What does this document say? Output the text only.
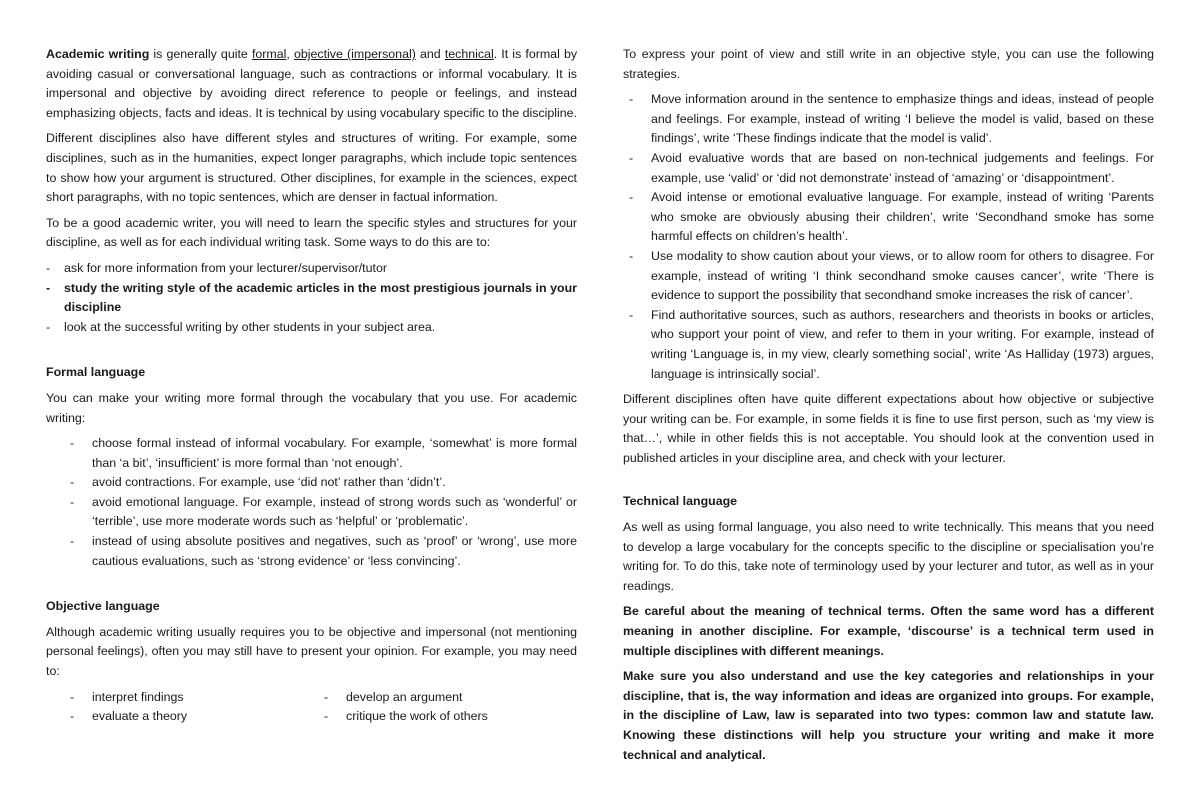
Academic writing is generally quite formal, objective (impersonal) and technical. It is formal by avoiding casual or conversational language, such as contractions or informal vocabulary. It is impersonal and objective by avoiding direct reference to people or feelings, and instead emphasizing objects, facts and ideas. It is technical by using vocabulary specific to the discipline.

Different disciplines also have different styles and structures of writing. For example, some disciplines, such as in the humanities, expect longer paragraphs, which include topic sentences to show how your argument is structured. Other disciplines, for example in the sciences, expect short paragraphs, with no topic sentences, which are denser in factual information.

To be a good academic writer, you will need to learn the specific styles and structures for your discipline, as well as for each individual writing task. Some ways to do this are to:

- ask for more information from your lecturer/supervisor/tutor
- study the writing style of the academic articles in the most prestigious journals in your discipline
- look at the successful writing by other students in your subject area.
Formal language

You can make your writing more formal through the vocabulary that you use. For academic writing:

- choose formal instead of informal vocabulary. For example, ‘somewhat’ is more formal than ‘a bit’, ‘insufficient’ is more formal than ‘not enough’.
- avoid contractions. For example, use ‘did not’ rather than ‘didn’t’.
- avoid emotional language. For example, instead of strong words such as ‘wonderful’ or ‘terrible’, use more moderate words such as ‘helpful’ or ‘problematic’.
- instead of using absolute positives and negatives, such as ‘proof’ or ‘wrong’, use more cautious evaluations, such as ‘strong evidence’ or ‘less convincing’.
Objective language

Although academic writing usually requires you to be objective and impersonal (not mentioning personal feelings), often you may still have to present your opinion. For example, you may need to:

- interpret findings	- develop an argument
- evaluate a theory	- critique the work of others

To express your point of view and still write in an objective style, you can use the following strategies.

- Move information around in the sentence to emphasize things and ideas, instead of people and feelings. For example, instead of writing ‘I believe the model is valid, based on these findings’, write ‘These findings indicate that the model is valid’.
- Avoid evaluative words that are based on non-technical judgements and feelings. For example, use ‘valid’ or ‘did not demonstrate’ instead of ‘amazing’ or ‘disappointment’.
- Avoid intense or emotional evaluative language. For example, instead of writing ‘Parents who smoke are obviously abusing their children’, write ‘Secondhand smoke has some harmful effects on children’s health’.
- Use modality to show caution about your views, or to allow room for others to disagree. For example, instead of writing ‘I think secondhand smoke causes cancer’, write ‘There is evidence to support the possibility that secondhand smoke increases the risk of cancer’.
- Find authoritative sources, such as authors, researchers and theorists in books or articles, who support your point of view, and refer to them in your writing. For example, instead of writing ‘Language is, in my view, clearly something social’, write ‘As Halliday (1973) argues, language is intrinsically social’.

Different disciplines often have quite different expectations about how objective or subjective your writing can be. For example, in some fields it is fine to use first person, such as ‘my view is that…’, while in other fields this is not acceptable. You should look at the convention used in published articles in your discipline area, and check with your lecturer.

Technical language

As well as using formal language, you also need to write technically. This means that you need to develop a large vocabulary for the concepts specific to the discipline or specialisation you’re writing for. To do this, take note of terminology used by your lecturer and tutor, as well as in your readings.

Be careful about the meaning of technical terms. Often the same word has a different meaning in another discipline. For example, ‘discourse’ is a technical term used in multiple disciplines with different meanings.

Make sure you also understand and use the key categories and relationships in your discipline, that is, the way information and ideas are organized into groups. For example, in the discipline of Law, law is separated into two types: common law and statute law. Knowing these distinctions will help you structure your writing and make it more technical and analytical.
